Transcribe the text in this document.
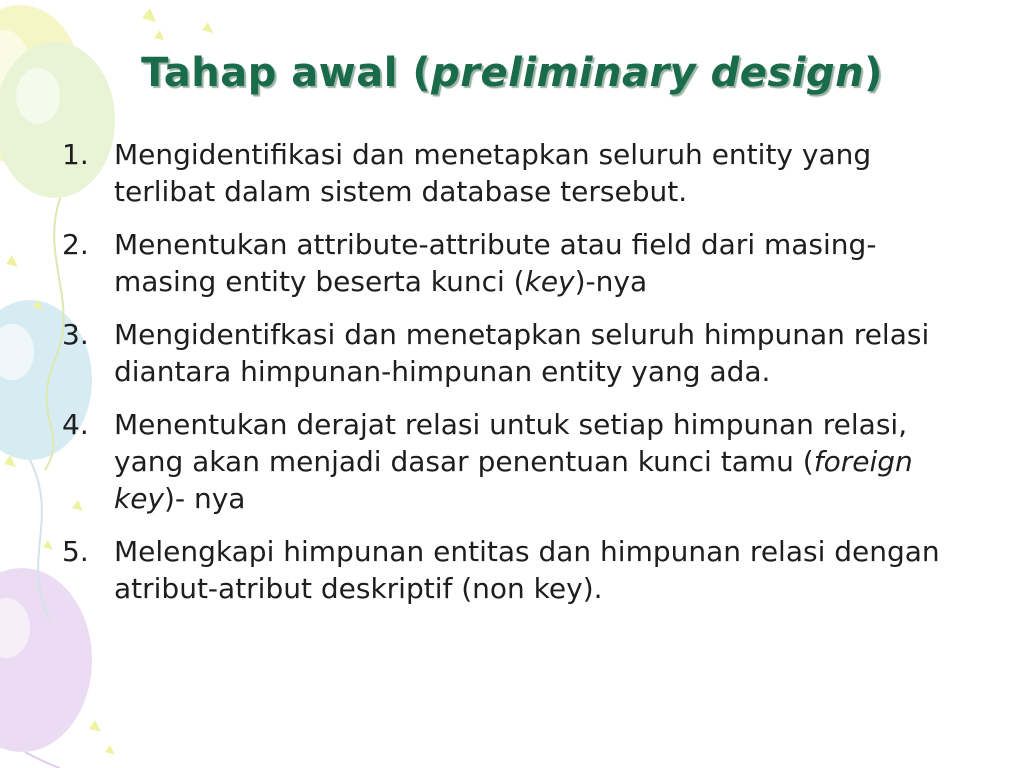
Tahap awal (preliminary design)
1. Mengidentifikasi dan menetapkan seluruh entity yang terlibat dalam sistem database tersebut.
2. Menentukan attribute-attribute atau field dari masing-masing entity beserta kunci (key)-nya
3. Mengidentifkasi dan menetapkan seluruh himpunan relasi diantara himpunan-himpunan entity yang ada.
4. Menentukan derajat relasi untuk setiap himpunan relasi, yang akan menjadi dasar penentuan kunci tamu (foreign key)- nya
5. Melengkapi himpunan entitas dan himpunan relasi dengan atribut-atribut deskriptif (non key).
